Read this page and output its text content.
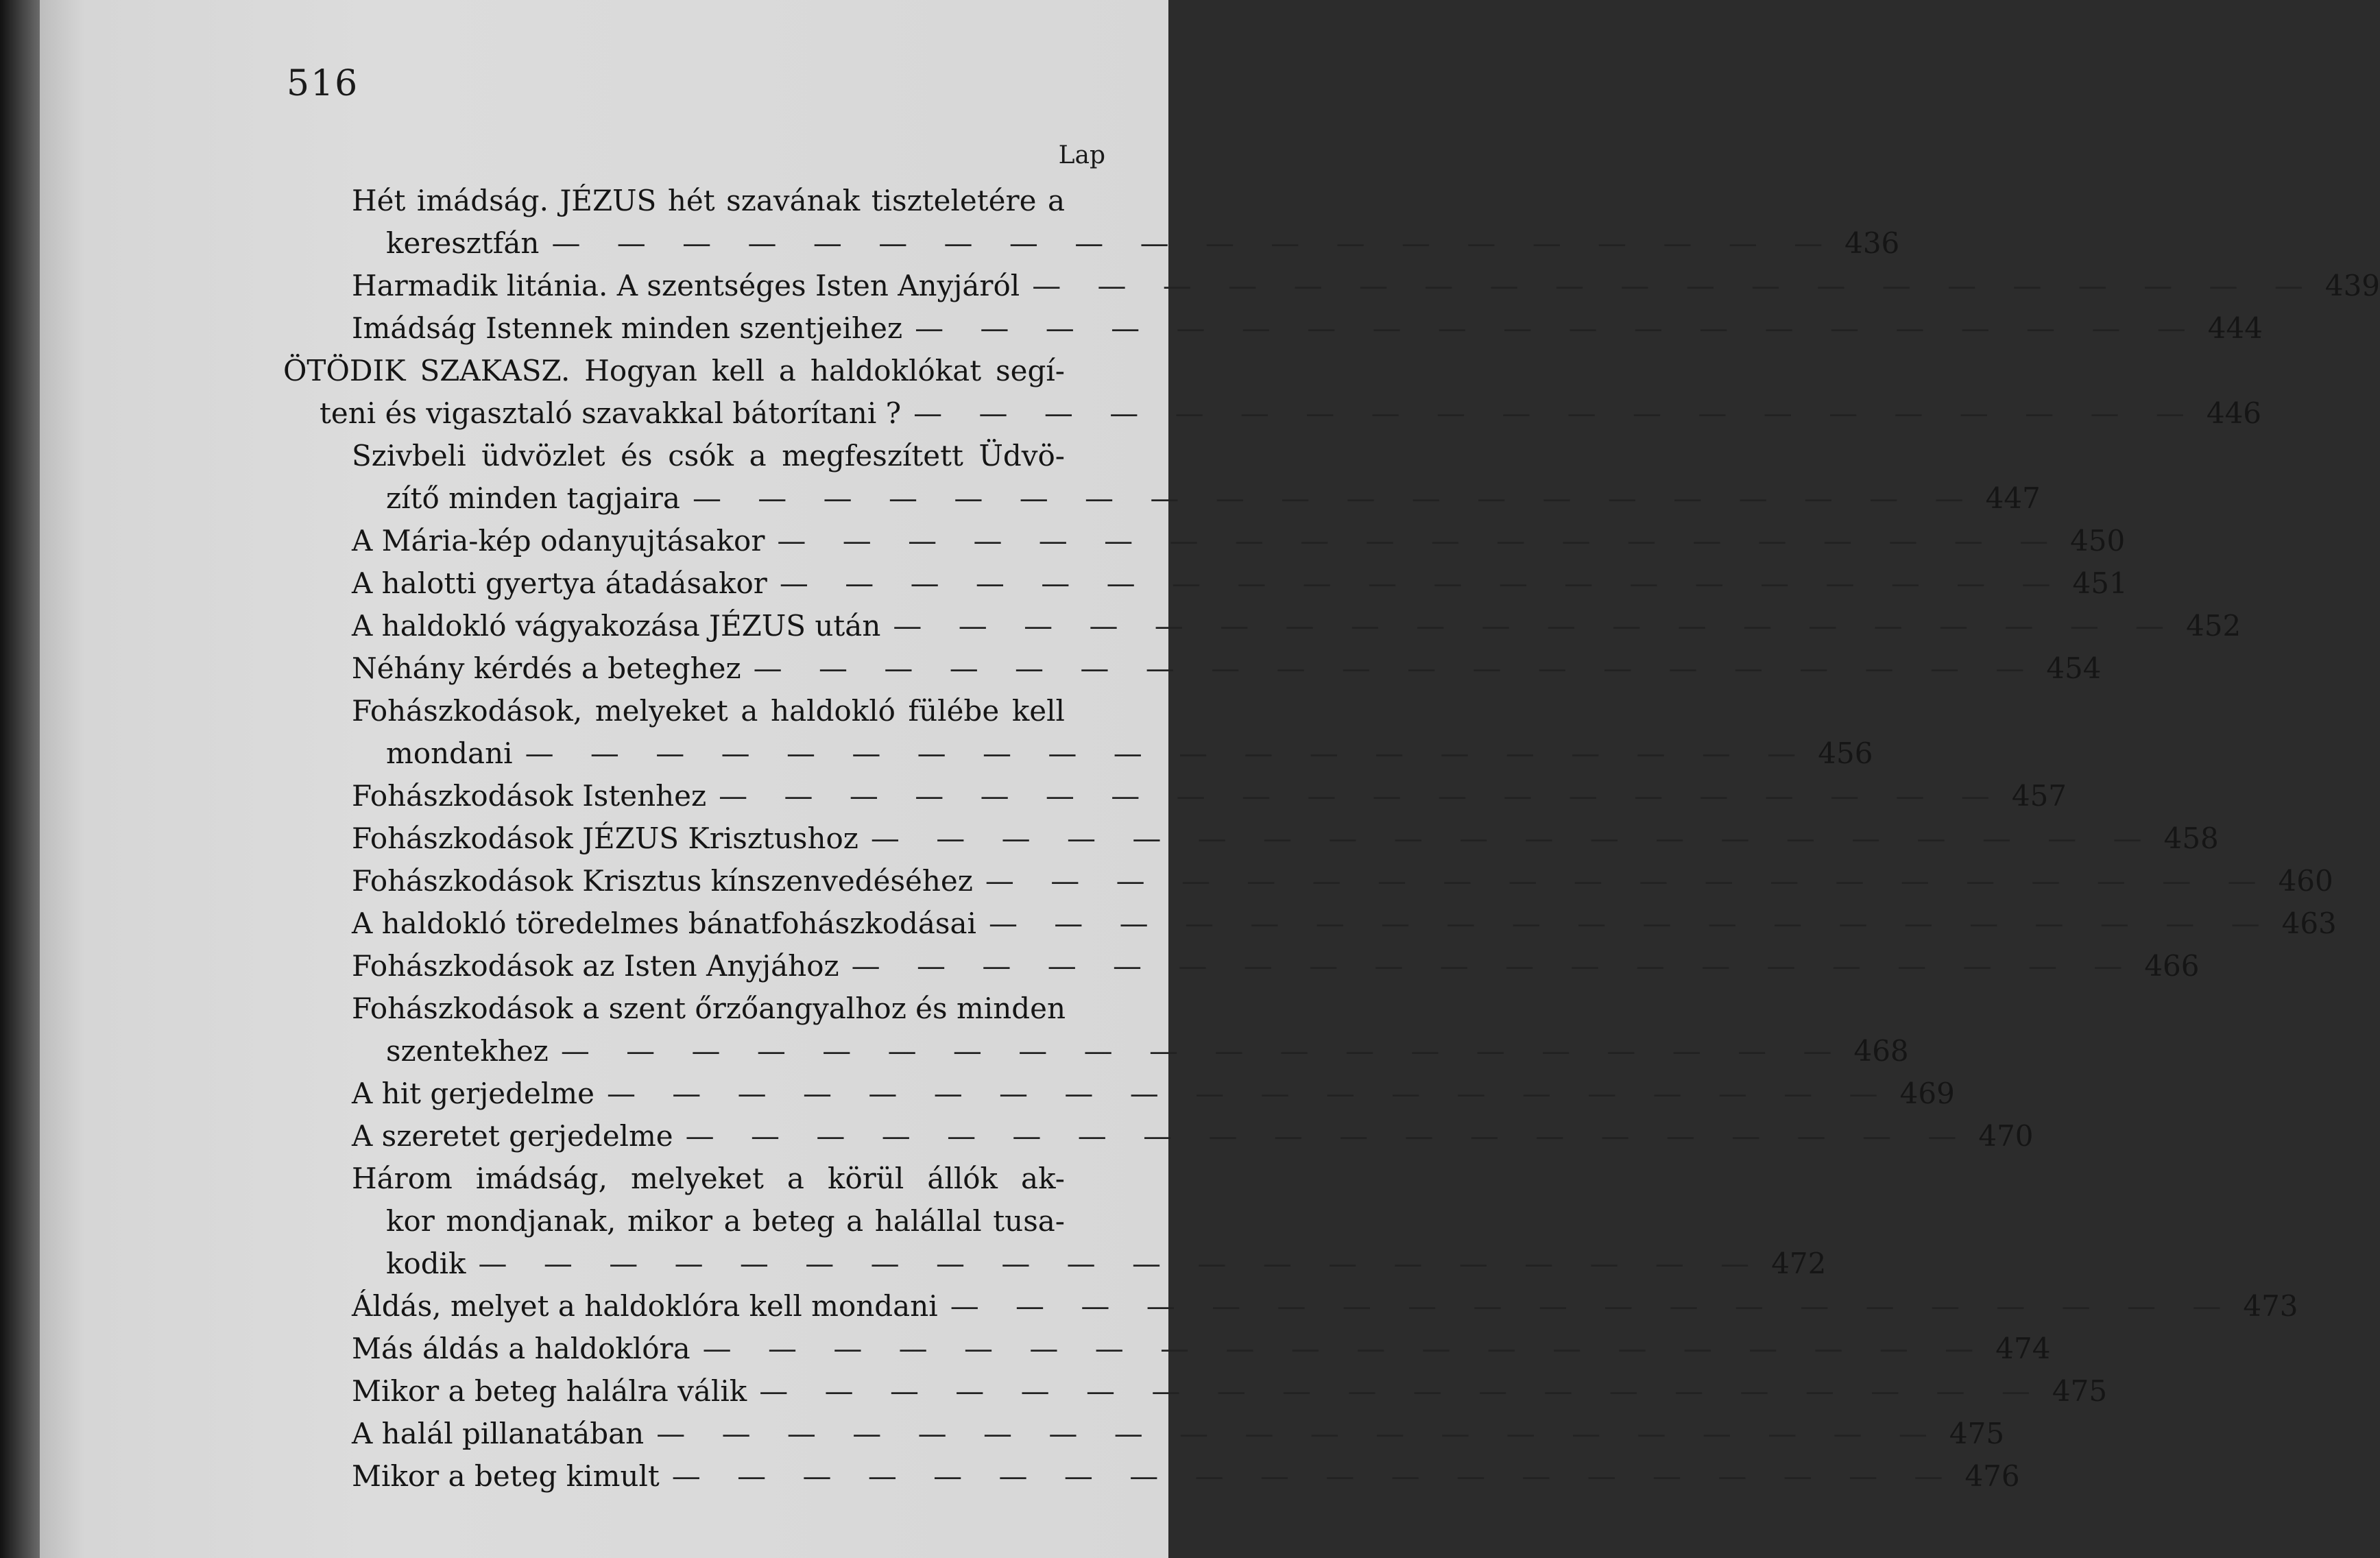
516
Lap
Hét imádság. JÉZUS hét szavának tiszteletére a
keresztfán — — — — — — — — — — — — — — — — — — — — 436
Harmadik litánia. A szentséges Isten Anyjáról — — — — — — — — — — — — — — — — — — — — 439
Imádság Istennek minden szentjeihez — — — — — — — — — — — — — — — — — — — — 444
ÖTÖDIK SZAKASZ. Hogyan kell a haldoklókat segí-
teni és vigasztaló szavakkal bátorítani ? — — — — — — — — — — — — — — — — — — — — 446
Szivbeli üdvözlet és csók a megfeszített Üdvö-
zítő minden tagjaira — — — — — — — — — — — — — — — — — — — — 447
A Mária-kép odanyujtásakor — — — — — — — — — — — — — — — — — — — — 450
A halotti gyertya átadásakor — — — — — — — — — — — — — — — — — — — — 451
A haldokló vágyakozása JÉZUS után — — — — — — — — — — — — — — — — — — — — 452
Néhány kérdés a beteghez — — — — — — — — — — — — — — — — — — — — 454
Fohászkodások, melyeket a haldokló fülébe kell
mondani — — — — — — — — — — — — — — — — — — — — 456
Fohászkodások Istenhez — — — — — — — — — — — — — — — — — — — — 457
Fohászkodások JÉZUS Krisztushoz — — — — — — — — — — — — — — — — — — — — 458
Fohászkodások Krisztus kínszenvedéséhez — — — — — — — — — — — — — — — — — — — — 460
A haldokló töredelmes bánatfohászkodásai — — — — — — — — — — — — — — — — — — — — 463
Fohászkodások az Isten Anyjához — — — — — — — — — — — — — — — — — — — — 466
Fohászkodások a szent őrzőangyalhoz és minden
szentekhez — — — — — — — — — — — — — — — — — — — — 468
A hit gerjedelme — — — — — — — — — — — — — — — — — — — — 469
A szeretet gerjedelme — — — — — — — — — — — — — — — — — — — — 470
Három imádság, melyeket a körül állók ak-
kor mondjanak, mikor a beteg a halállal tusa-
kodik — — — — — — — — — — — — — — — — — — — — 472
Áldás, melyet a haldoklóra kell mondani — — — — — — — — — — — — — — — — — — — — 473
Más áldás a haldoklóra — — — — — — — — — — — — — — — — — — — — 474
Mikor a beteg halálra válik — — — — — — — — — — — — — — — — — — — — 475
A halál pillanatában — — — — — — — — — — — — — — — — — — — — 475
Mikor a beteg kimult — — — — — — — — — — — — — — — — — — — — 476
